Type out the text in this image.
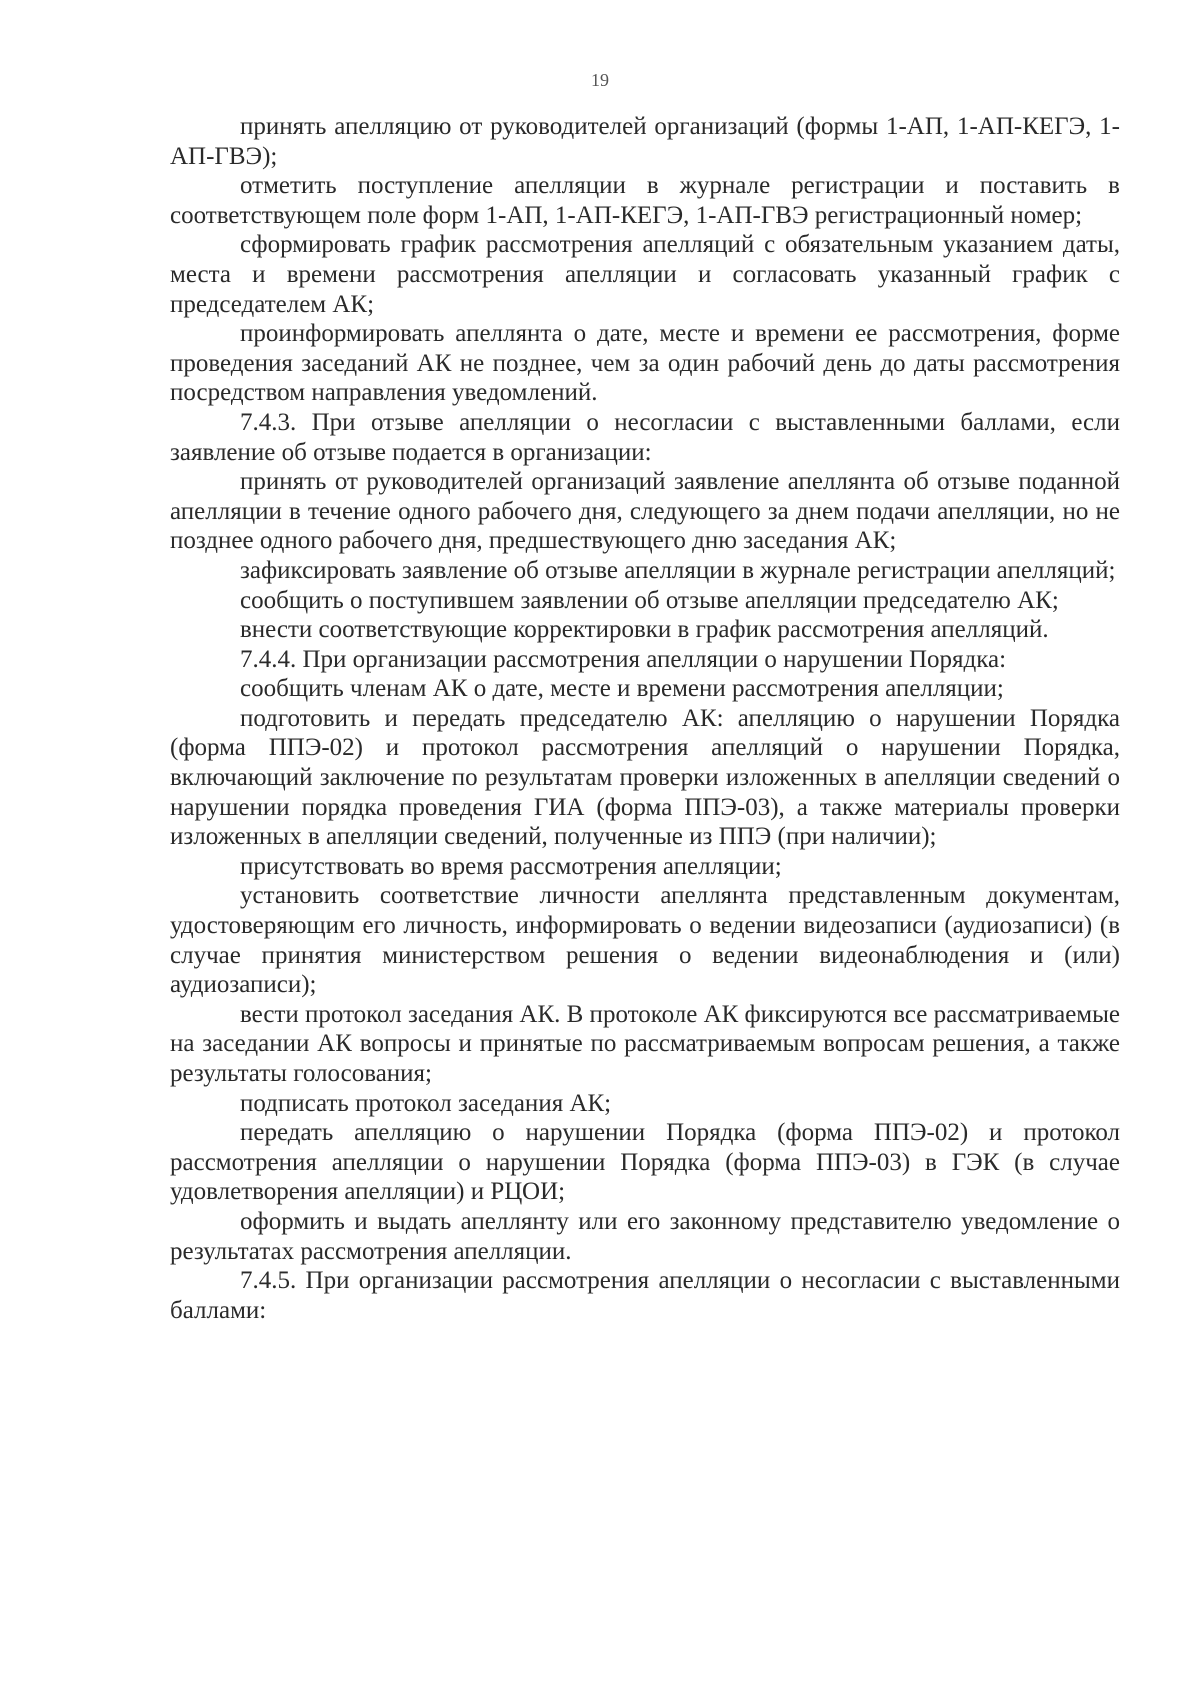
19

принять апелляцию от руководителей организаций (формы 1-АП, 1-АП-КЕГЭ, 1- АП-ГВЭ);

отметить поступление апелляции в журнале регистрации и поставить в соответствующем поле форм 1-АП, 1-АП-КЕГЭ, 1-АП-ГВЭ регистрационный номер;

сформировать график рассмотрения апелляций с обязательным указанием даты, места и времени рассмотрения апелляции и согласовать указанный график с председателем АК;

проинформировать апеллянта о дате, месте и времени ее рассмотрения, форме проведения заседаний АК не позднее, чем за один рабочий день до даты рассмотрения посредством направления уведомлений.

7.4.3. При отзыве апелляции о несогласии с выставленными баллами, если заявление об отзыве подается в организации:

принять от руководителей организаций заявление апеллянта об отзыве поданной апелляции в течение одного рабочего дня, следующего за днем подачи апелляции, но не позднее одного рабочего дня, предшествующего дню заседания АК;

зафиксировать заявление об отзыве апелляции в журнале регистрации апелляций;

сообщить о поступившем заявлении об отзыве апелляции председателю АК;

внести соответствующие корректировки в график рассмотрения апелляций.

7.4.4. При организации рассмотрения апелляции о нарушении Порядка:

сообщить членам АК о дате, месте и времени рассмотрения апелляции;

подготовить и передать председателю АК: апелляцию о нарушении Порядка (форма ППЭ-02) и протокол рассмотрения апелляций о нарушении Порядка, включающий заключение по результатам проверки изложенных в апелляции сведений о нарушении порядка проведения ГИА (форма ППЭ-03), а также материалы проверки изложенных в апелляции сведений, полученные из ППЭ (при наличии);

присутствовать во время рассмотрения апелляции;

установить соответствие личности апеллянта представленным документам, удостоверяющим его личность, информировать о ведении видеозаписи (аудиозаписи) (в случае принятия министерством решения о ведении видеонаблюдения и (или) аудиозаписи);

вести протокол заседания АК. В протоколе АК фиксируются все рассматриваемые на заседании АК вопросы и принятые по рассматриваемым вопросам решения, а также результаты голосования;

подписать протокол заседания АК;

передать апелляцию о нарушении Порядка (форма ППЭ-02) и протокол рассмотрения апелляции о нарушении Порядка (форма ППЭ-03) в ГЭК (в случае удовлетворения апелляции) и РЦОИ;

оформить и выдать апеллянту или его законному представителю уведомление о результатах рассмотрения апелляции.

7.4.5. При организации рассмотрения апелляции о несогласии с выставленными баллами:
